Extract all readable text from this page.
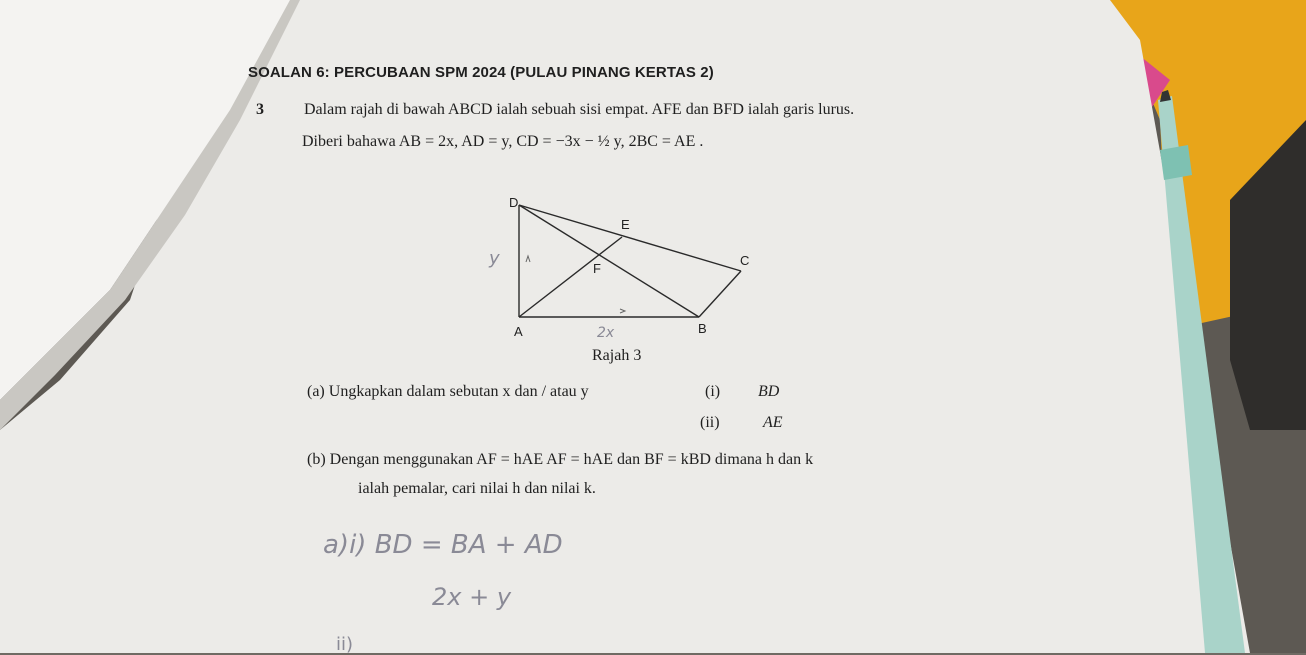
D
E
F
C
A	B
y
2x
SOALAN 6: PERCUBAAN SPM 2024 (PULAU PINANG KERTAS 2)
3	Dalam rajah di bawah ABCD ialah sebuah sisi empat. AFE dan BFD ialah garis lurus.
Diberi bahawa AB = 2x, AD = y, CD = −3x − ½ y, 2BC = AE .
Rajah 3
(a) Ungkapkan dalam sebutan x dan / atau y	(i) BD
(ii)	AE
(b) Dengan menggunakan AF = hAE AF = hAE dan BF = kBD dimana h dan k
ialah pemalar, cari nilai h dan nilai k.
a)i) BD = BA + AD
2x + y
ii)
